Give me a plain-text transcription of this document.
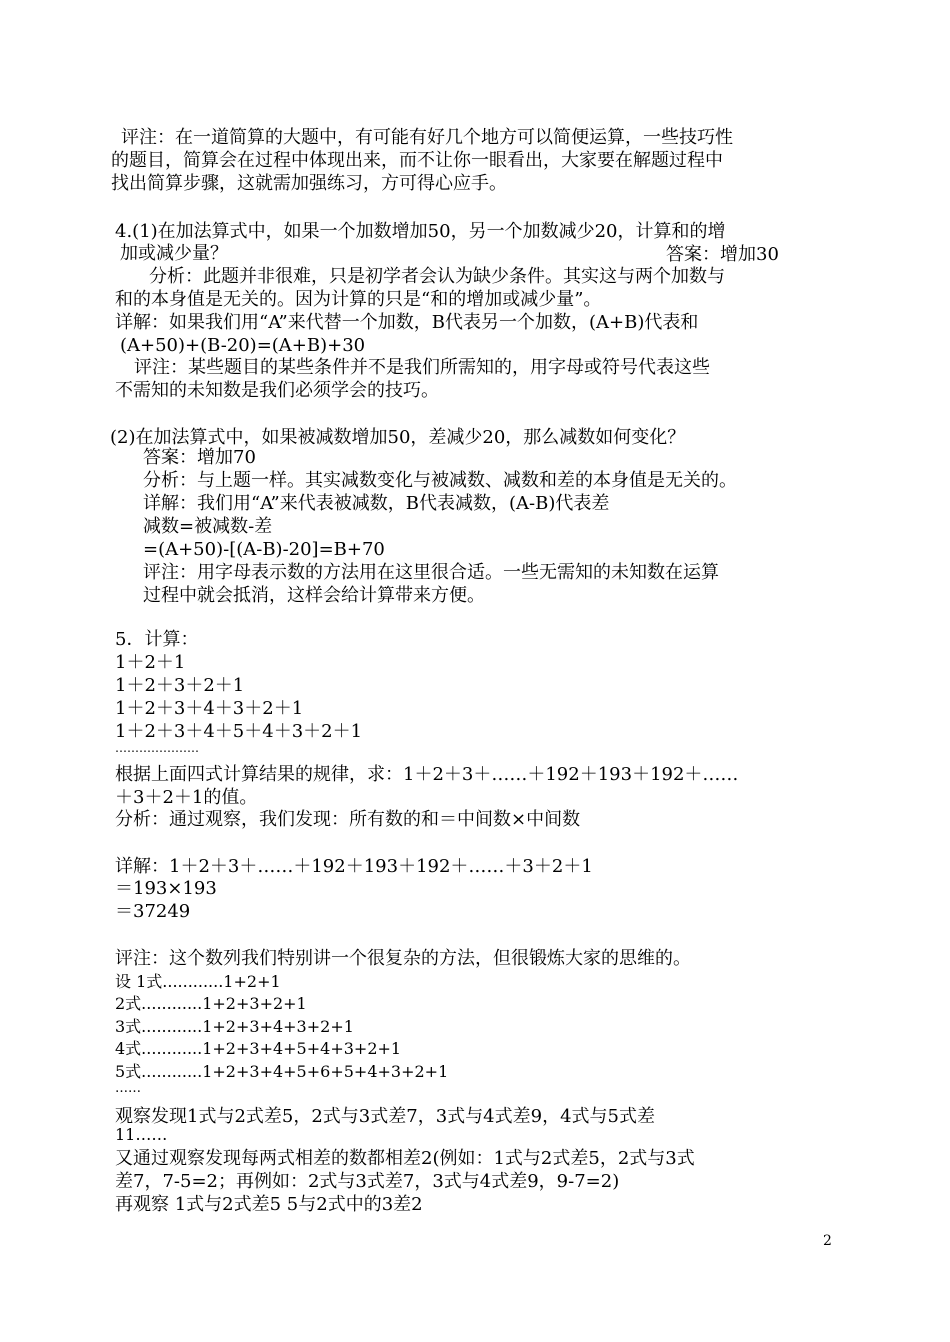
评注：在一道简算的大题中，有可能有好几个地方可以简便运算，一些技巧性
的题目，简算会在过程中体现出来，而不让你一眼看出，大家要在解题过程中
找出简算步骤，这就需加强练习，方可得心应手。
4.(1)在加法算式中，如果一个加数增加50，另一个加数减少20，计算和的增
加或减少量？	答案：增加30
分析：此题并非很难，只是初学者会认为缺少条件。其实这与两个加数与
和的本身值是无关的。因为计算的只是“和的增加或减少量”。
详解：如果我们用“A”来代替一个加数，B代表另一个加数，(A+B)代表和
(A+50)+(B-20)=(A+B)+30
评注：某些题目的某些条件并不是我们所需知的，用字母或符号代表这些
不需知的未知数是我们必须学会的技巧。
(2)在加法算式中，如果被减数增加50，差减少20，那么减数如何变化？
答案：增加70
分析：与上题一样。其实减数变化与被减数、减数和差的本身值是无关的。
详解：我们用“A”来代表被减数，B代表减数，(A-B)代表差
减数=被减数-差
=(A+50)-[(A-B)-20]=B+70
评注：用字母表示数的方法用在这里很合适。一些无需知的未知数在运算
过程中就会抵消，这样会给计算带来方便。
5．计算：
1＋2＋1
1＋2＋3＋2＋1
1＋2＋3＋4＋3＋2＋1
1＋2＋3＋4＋5＋4＋3＋2＋1
…………………
根据上面四式计算结果的规律，求：1＋2＋3＋……＋192＋193＋192＋……
＋3＋2＋1的值。
分析：通过观察，我们发现：所有数的和＝中间数×中间数
详解：1＋2＋3＋……＋192＋193＋192＋……＋3＋2＋1
＝193×193
＝37249
评注：这个数列我们特别讲一个很复杂的方法，但很锻炼大家的思维的。
设 1式............1+2+1
2式............1+2+3+2+1
3式............1+2+3+4+3+2+1
4式............1+2+3+4+5+4+3+2+1
5式............1+2+3+4+5+6+5+4+3+2+1
……
观察发现1式与2式差5，2式与3式差7，3式与4式差9，4式与5式差
11……
又通过观察发现每两式相差的数都相差2(例如：1式与2式差5，2式与3式
差7，7-5=2；再例如：2式与3式差7，3式与4式差9，9-7=2)
再观察 1式与2式差5 5与2式中的3差2
2
